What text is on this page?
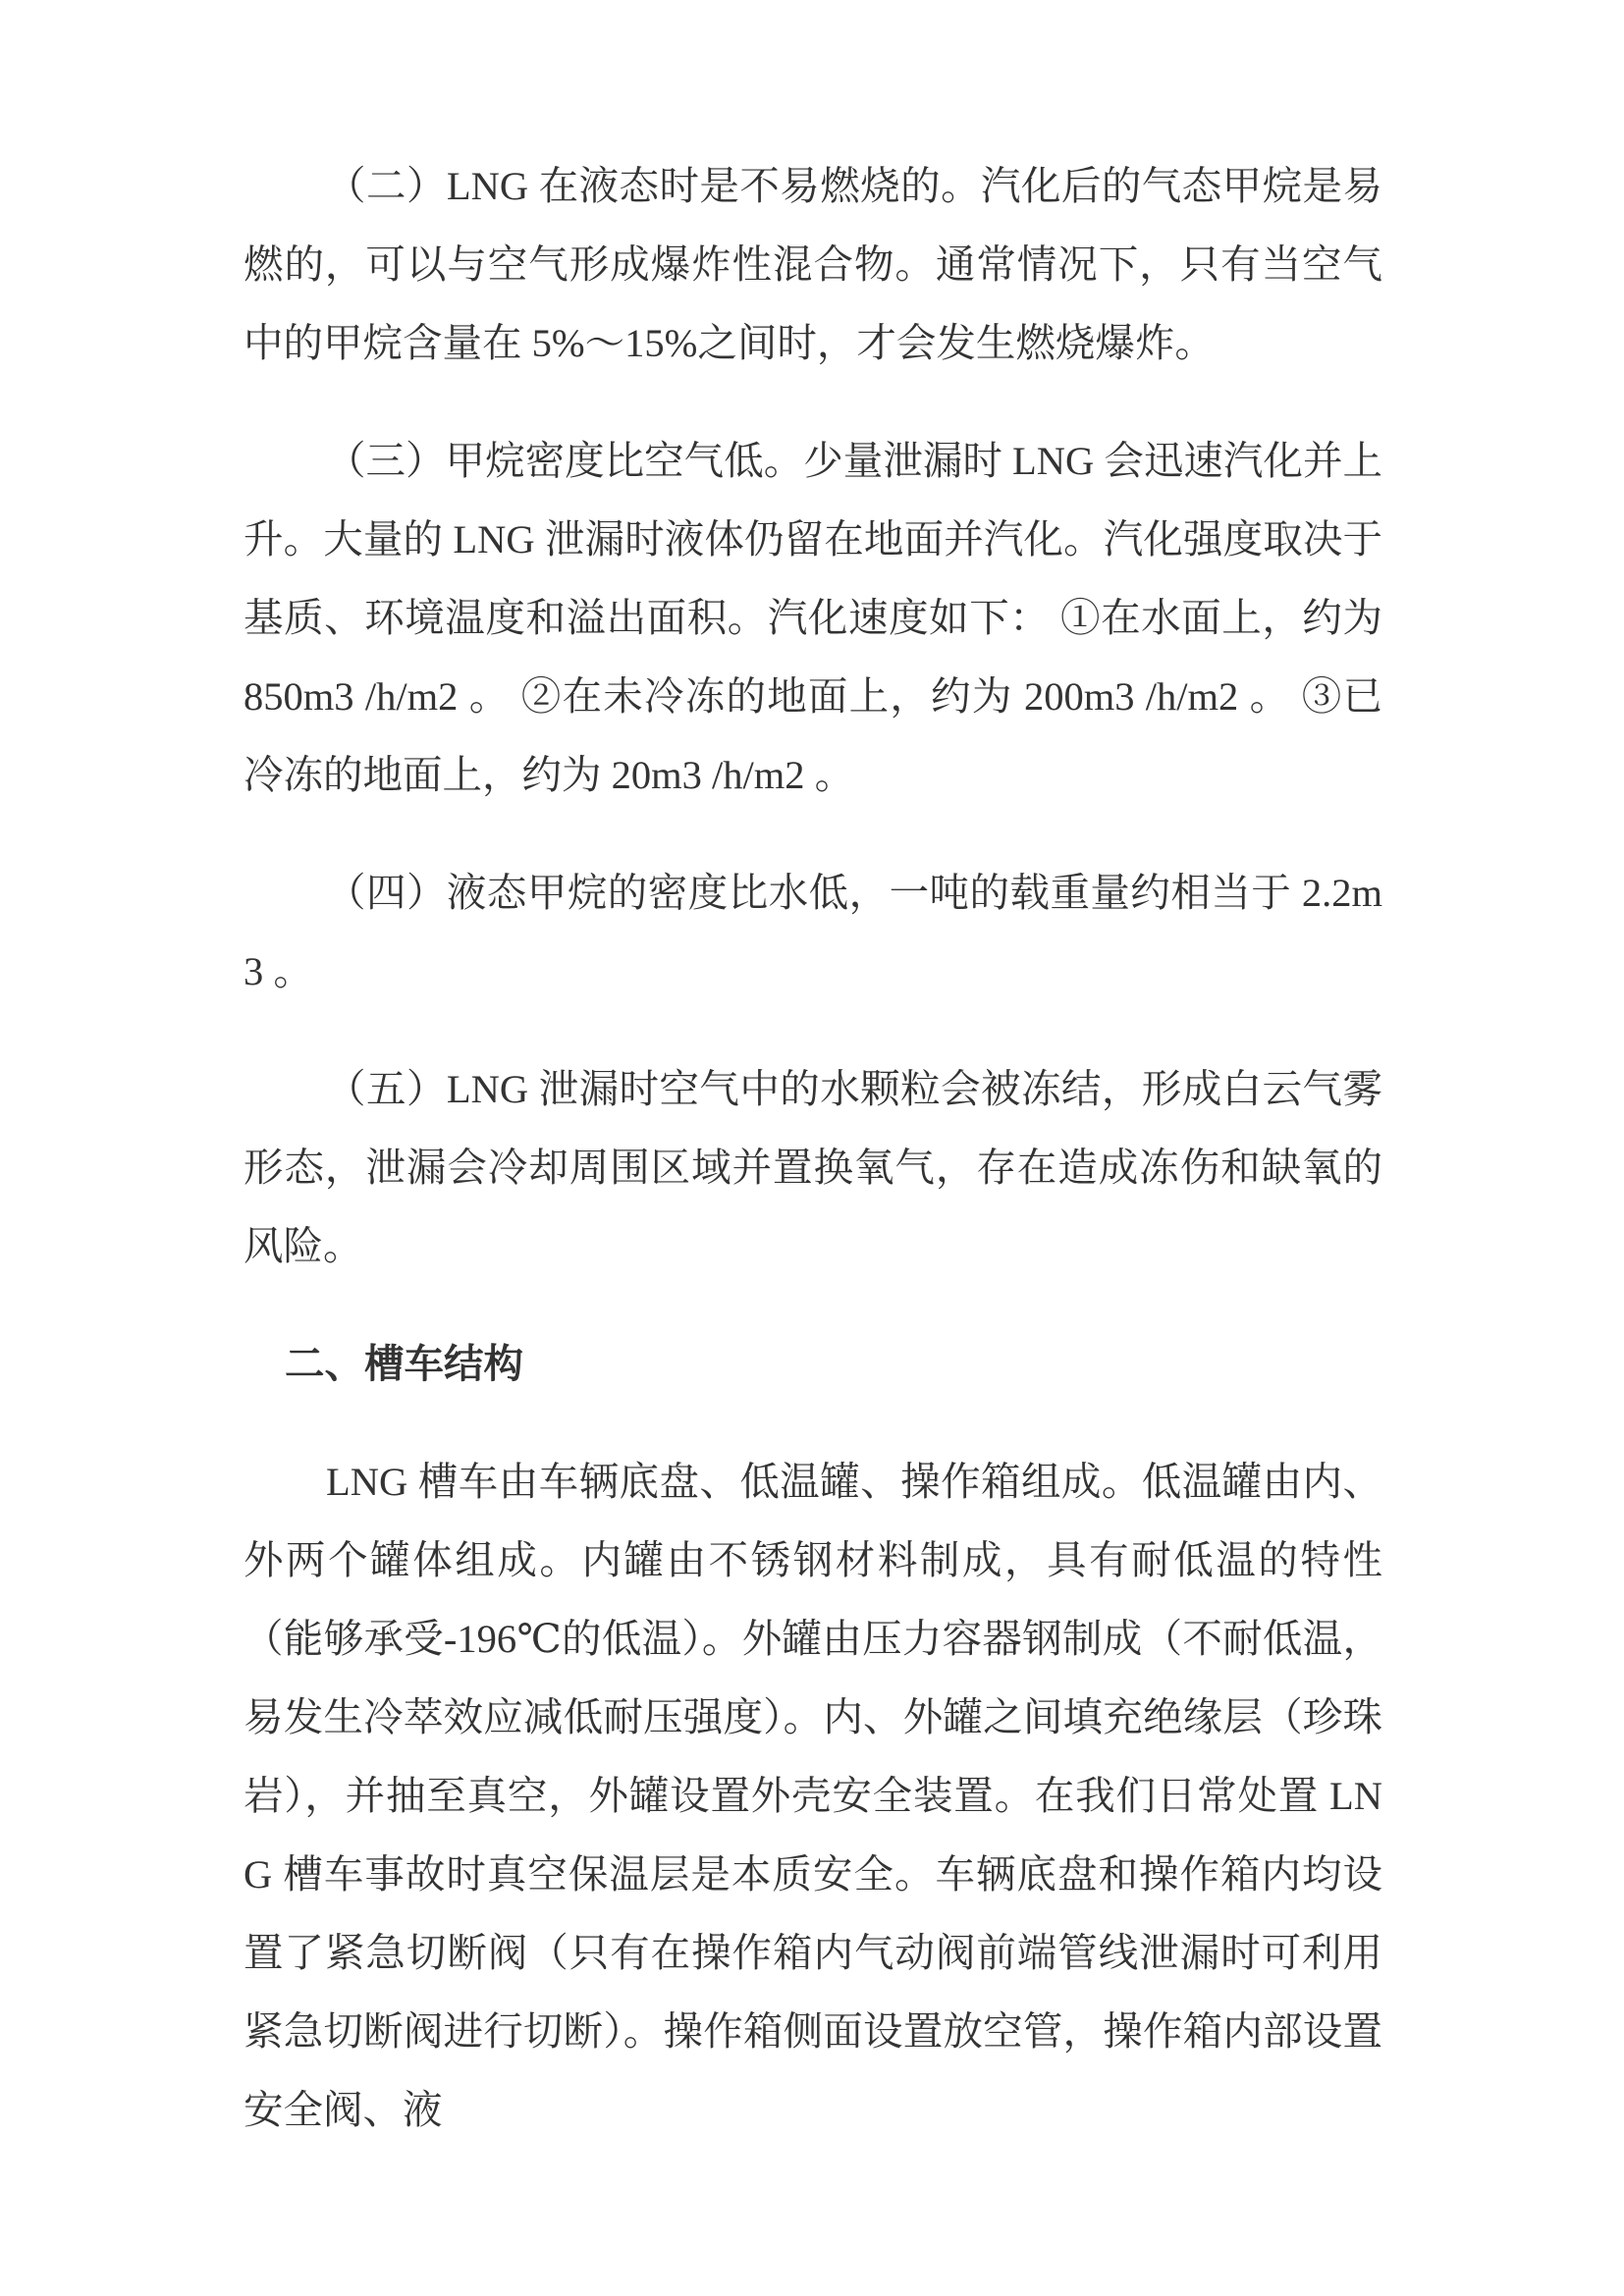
（二）LNG 在液态时是不易燃烧的。汽化后的气态甲烷是易燃的，可以与空气形成爆炸性混合物。通常情况下，只有当空气中的甲烷含量在 5%～15%之间时，才会发生燃烧爆炸。

（三）甲烷密度比空气低。少量泄漏时 LNG 会迅速汽化并上升。大量的 LNG 泄漏时液体仍留在地面并汽化。汽化强度取决于基质、环境温度和溢出面积。汽化速度如下： ①在水面上，约为 850m3 /h/m2 。 ②在未冷冻的地面上，约为 200m3 /h/m2 。 ③已冷冻的地面上，约为 20m3 /h/m2 。

（四）液态甲烷的密度比水低，一吨的载重量约相当于 2.2m3 。

（五）LNG 泄漏时空气中的水颗粒会被冻结，形成白云气雾形态，泄漏会冷却周围区域并置换氧气，存在造成冻伤和缺氧的风险。

二、槽车结构

LNG 槽车由车辆底盘、低温罐、操作箱组成。低温罐由内、外两个罐体组成。内罐由不锈钢材料制成，具有耐低温的特性（能够承受-196℃的低温）。外罐由压力容器钢制成（不耐低温，易发生冷萃效应减低耐压强度）。内、外罐之间填充绝缘层（珍珠岩），并抽至真空，外罐设置外壳安全装置。在我们日常处置 LNG 槽车事故时真空保温层是本质安全。车辆底盘和操作箱内均设置了紧急切断阀（只有在操作箱内气动阀前端管线泄漏时可利用紧急切断阀进行切断）。操作箱侧面设置放空管，操作箱内部设置安全阀、液
